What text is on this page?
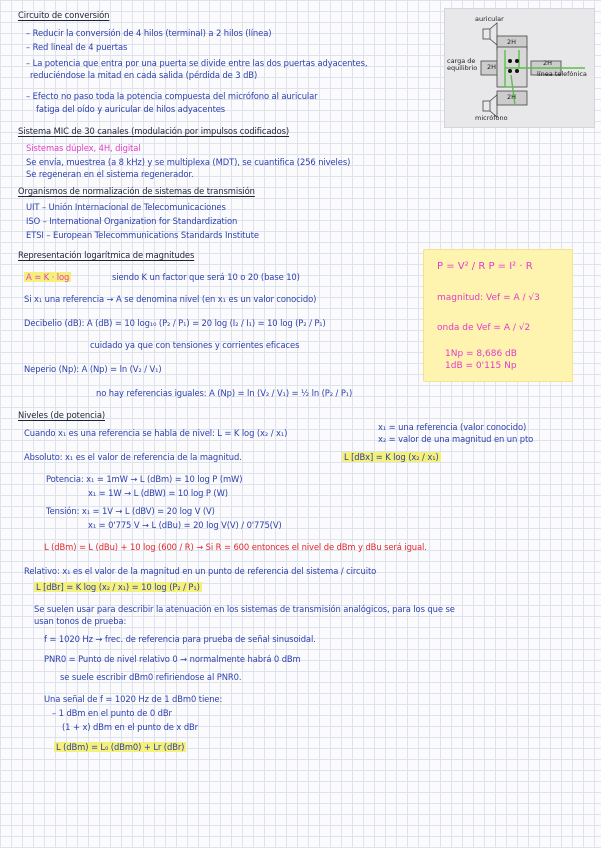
auricular
carga de
equilibrio
2H
2H	2H
2H
línea telefónica
micrófono
P = V² / R P = I² · R
magnitud: Vef = A / √3
onda de Vef = A / √2
1Np = 8,686 dB
1dB = 0'115 Np
Circuito de conversión
– Reducir la conversión de 4 hilos (terminal) a 2 hilos (línea)
– Red lineal de 4 puertas
– La potencia que entra por una puerta se divide entre las dos puertas adyacentes,
reduciéndose la mitad en cada salida (pérdida de 3 dB)
– Efecto no paso toda la potencia compuesta del micrófono al auricular
fatiga del oído y auricular de hilos adyacentes
Sistema MIC de 30 canales (modulación por impulsos codificados)
Sistemas dúplex, 4H, digital
Se envía, muestrea (a 8 kHz) y se multiplexa (MDT), se cuantifica (256 niveles)
Se regeneran en el sistema regenerador.
Organismos de normalización de sistemas de transmisión
UIT – Unión Internacional de Telecomunicaciones
ISO – International Organization for Standardization
ETSI – European Telecommunications Standards Institute
Representación logarítmica de magnitudes
A = K · log	siendo K un factor que será 10 o 20 (base 10)
Si x₁ una referencia → A se denomina nivel (en x₁ es un valor conocido)
Decibelio (dB): A (dB) = 10 log₁₀ (P₂ / P₁) = 20 log (I₂ / I₁) = 10 log (P₂ / P₁)
cuidado ya que con tensiones y corrientes eficaces
Neperio (Np): A (Np) = ln (V₂ / V₁)
no hay referencias iguales: A (Np) = ln (V₂ / V₁) = ½ ln (P₂ / P₁)
Niveles (de potencia)
Cuando x₁ es una referencia se habla de nivel: L = K log (x₂ / x₁)
x₁ = una referencia (valor conocido)
x₂ = valor de una magnitud en un pto
Absoluto: x₁ es el valor de referencia de la magnitud.	L [dBx] = K log (x₂ / x₁)
Potencia: x₁ = 1mW → L (dBm) = 10 log P (mW)
x₁ = 1W → L (dBW) = 10 log P (W)
Tensión: x₁ = 1V → L (dBV) = 20 log V (V)
x₁ = 0'775 V → L (dBu) = 20 log V(V) / 0'775(V)
L (dBm) = L (dBu) + 10 log (600 / R) → Si R = 600 entonces el nivel de dBm y dBu será igual.
Relativo: x₁ es el valor de la magnitud en un punto de referencia del sistema / circuito
L [dBr] = K log (x₂ / x₁) = 10 log (P₂ / P₁)
Se suelen usar para describir la atenuación en los sistemas de transmisión analógicos, para los que se
usan tonos de prueba:
f = 1020 Hz → frec. de referencia para prueba de señal sinusoidal.
PNR0 = Punto de nivel relativo 0 → normalmente habrá 0 dBm
se suele escribir dBm0 refiriendose al PNR0.
Una señal de f = 1020 Hz de 1 dBm0 tiene:
– 1 dBm en el punto de 0 dBr
(1 + x) dBm en el punto de x dBr
L (dBm) = L₀ (dBm0) + Lr (dBr)
